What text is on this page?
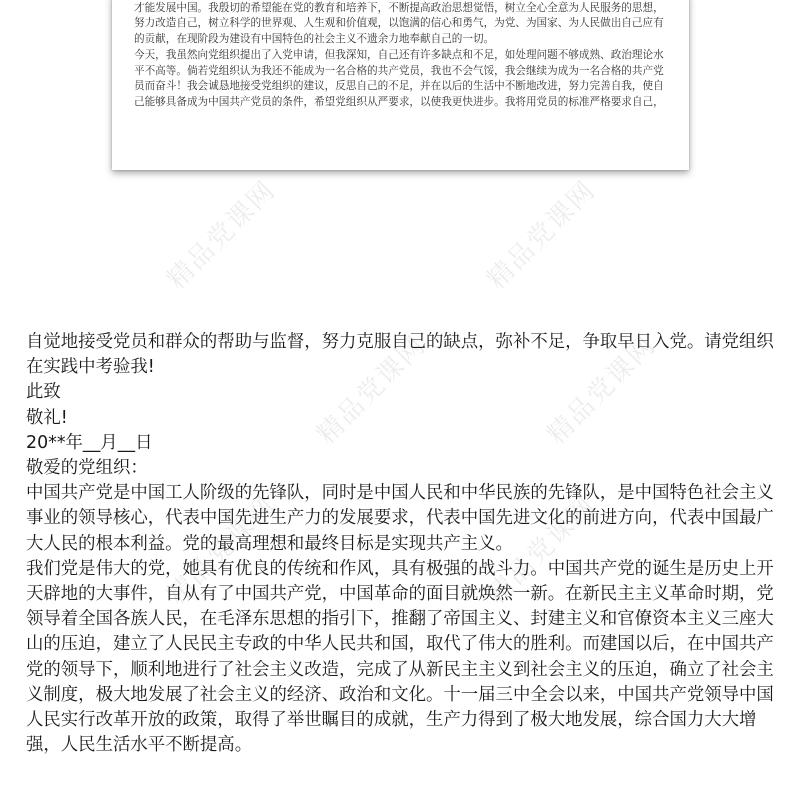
才能发展中国。我殷切的希望能在党的教育和培养下，不断提高政治思想觉悟，树立全心全意为人民服务的思想，努力改造自己，树立科学的世界观、人生观和价值观，以饱满的信心和勇气，为党、为国家、为人民做出自己应有的贡献，在现阶段为建设有中国特色的社会主义不遗余力地奉献自己的一切。

今天，我虽然向党组织提出了入党申请，但我深知，自己还有许多缺点和不足，如处理问题不够成熟、政治理论水平不高等。倘若党组织认为我还不能成为一名合格的共产党员，我也不会气馁，我会继续为成为一名合格的共产党员而奋斗！我会诚恳地接受党组织的建议，反思自己的不足，并在以后的生活中不断地改进，努力完善自我，使自己能够具备成为中国共产党员的条件，希望党组织从严要求，以使我更快进步。我将用党员的标准严格要求自己，

精品党课网	精品党课网
精品党课网	精品党课网
精品党课网	精品党课网

自觉地接受党员和群众的帮助与监督，努力克服自己的缺点，弥补不足，争取早日入党。请党组织在实践中考验我!

此致

敬礼!

20**年__月__日

敬爱的党组织：

中国共产党是中国工人阶级的先锋队，同时是中国人民和中华民族的先锋队，是中国特色社会主义事业的领导核心，代表中国先进生产力的发展要求，代表中国先进文化的前进方向，代表中国最广大人民的根本利益。党的最高理想和最终目标是实现共产主义。

我们党是伟大的党，她具有优良的传统和作风，具有极强的战斗力。中国共产党的诞生是历史上开天辟地的大事件，自从有了中国共产党，中国革命的面目就焕然一新。在新民主主义革命时期，党领导着全国各族人民，在毛泽东思想的指引下，推翻了帝国主义、封建主义和官僚资本主义三座大山的压迫，建立了人民民主专政的中华人民共和国，取代了伟大的胜利。而建国以后，在中国共产党的领导下，顺利地进行了社会主义改造，完成了从新民主主义到社会主义的压迫，确立了社会主义制度，极大地发展了社会主义的经济、政治和文化。十一届三中全会以来，中国共产党领导中国人民实行改革开放的政策，取得了举世瞩目的成就，生产力得到了极大地发展，综合国力大大增强，人民生活水平不断提高。
